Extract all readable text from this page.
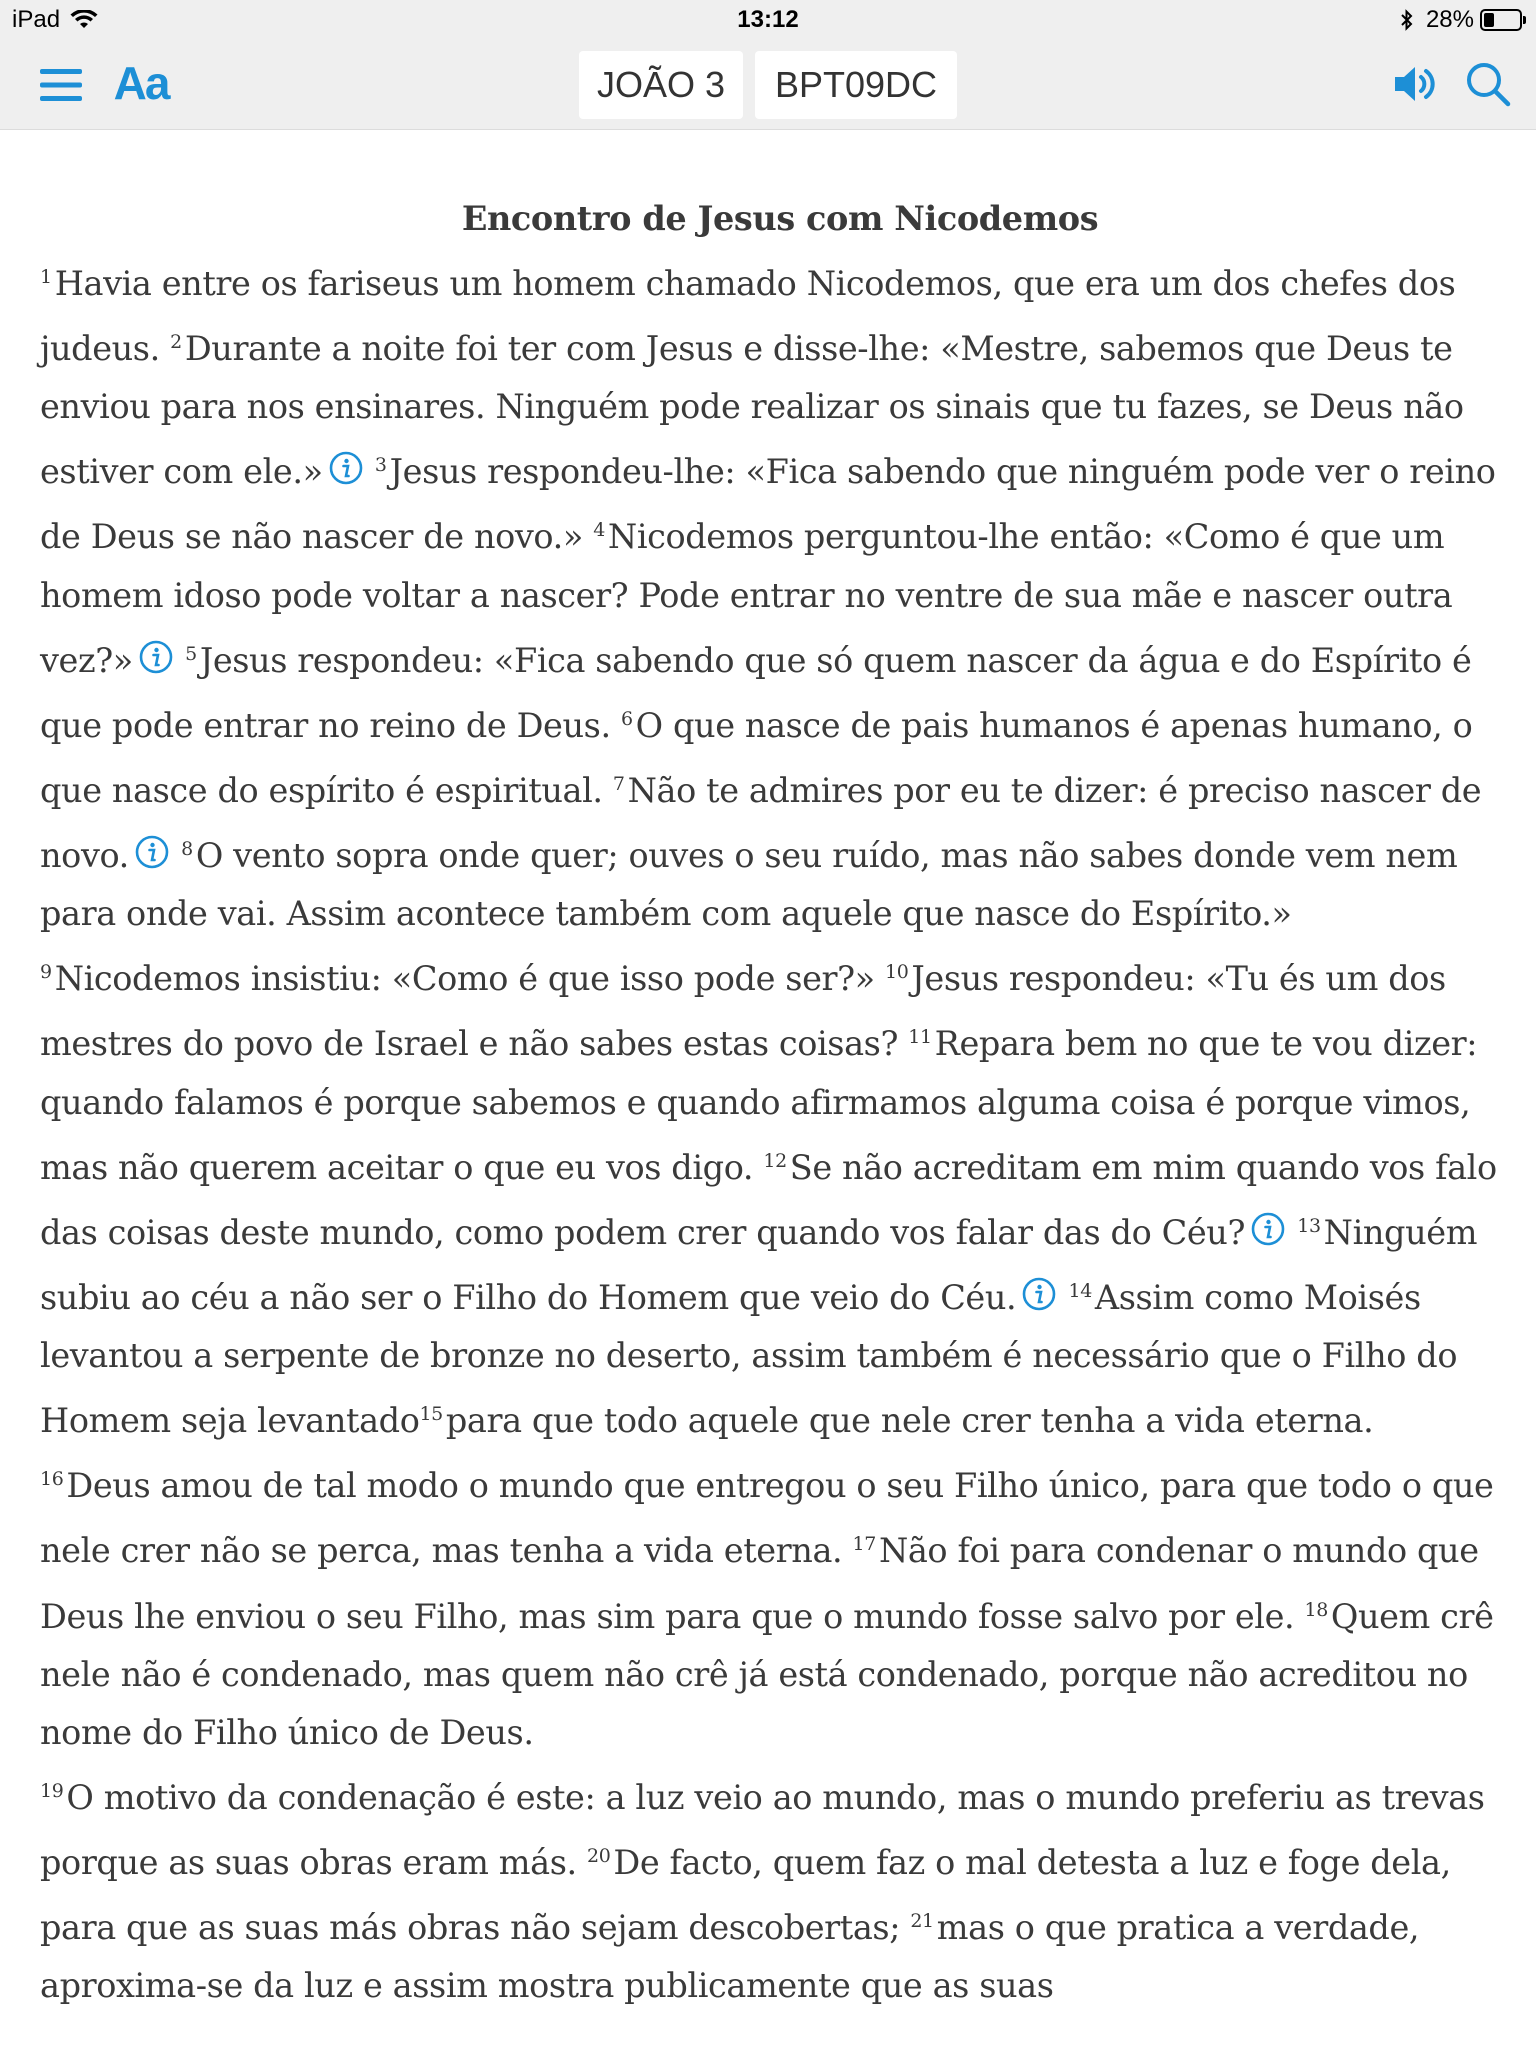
iPad	13:12	28%
Aa	JOÃO 3 BPT09DC

Encontro de Jesus com Nicodemos

$^1$Havia entre os fariseus um homem chamado Nicodemos, que era um dos chefes dos judeus. $^2$Durante a noite foi ter com Jesus e disse-lhe: «Mestre, sabemos que Deus te enviou para nos ensinares. Ninguém pode realizar os sinais que tu fazes, se Deus não estiver com ele.»	$^3$Jesus respondeu-lhe: «Fica sabendo que ninguém pode ver o reino de Deus se não nascer de novo.» $^4$Nicodemos perguntou-lhe então: «Como é que um homem idoso pode voltar a nascer? Pode entrar no ventre de sua mãe e nascer outra vez?»	$^5$Jesus respondeu: «Fica sabendo que só quem nascer da água e do Espírito é que pode entrar no reino de Deus. $^6$O que nasce de pais humanos é apenas humano, o que nasce do espírito é espiritual. $^7$Não te admires por eu te dizer: é preciso nascer de novo.	$^8$O vento sopra onde quer; ouves o seu ruído, mas não sabes donde vem nem para onde vai. Assim acontece também com aquele que nasce do Espírito.»

$^9$Nicodemos insistiu: «Como é que isso pode ser?» $^{10}$Jesus respondeu: «Tu és um dos mestres do povo de Israel e não sabes estas coisas? $^{11}$Repara bem no que te vou dizer: quando falamos é porque sabemos e quando afirmamos alguma coisa é porque vimos, mas não querem aceitar o que eu vos digo. $^{12}$Se não acreditam em mim quando vos falo das coisas deste mundo, como podem crer quando vos falar das do Céu?	$^{13}$Ninguém subiu ao céu a não ser o Filho do Homem que veio do Céu.	$^{14}$Assim como Moisés levantou a serpente de bronze no deserto, assim também é necessário que o Filho do Homem seja levantado$^{15}$para que todo aquele que nele crer tenha a vida eterna.

$^{16}$Deus amou de tal modo o mundo que entregou o seu Filho único, para que todo o que nele crer não se perca, mas tenha a vida eterna. $^{17}$Não foi para condenar o mundo que Deus lhe enviou o seu Filho, mas sim para que o mundo fosse salvo por ele. $^{18}$Quem crê nele não é condenado, mas quem não crê já está condenado, porque não acreditou no nome do Filho único de Deus.

$^{19}$O motivo da condenação é este: a luz veio ao mundo, mas o mundo preferiu as trevas porque as suas obras eram más. $^{20}$De facto, quem faz o mal detesta a luz e foge dela, para que as suas más obras não sejam descobertas; $^{21}$mas o que pratica a verdade, aproxima-se da luz e assim mostra publicamente que as suas
